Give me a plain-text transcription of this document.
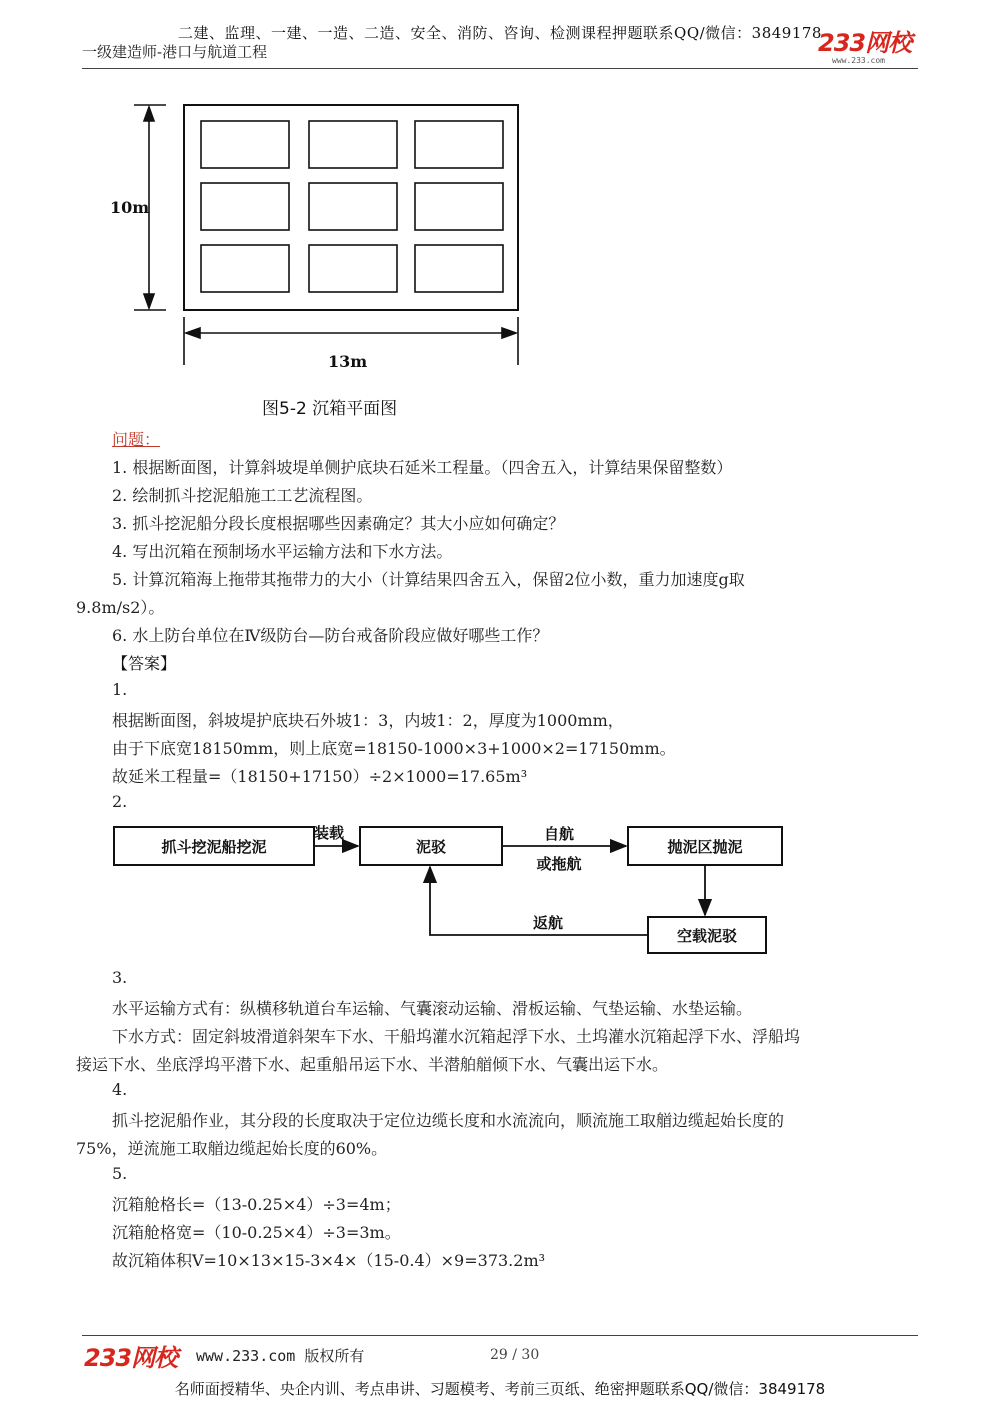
二建、监理、一建、一造、二造、安全、消防、咨询、检测课程押题联系QQ/微信：3849178
一级建造师-港口与航道工程	233网校
www.233.com
10m
13m
图5-2 沉箱平面图
问题：
1. 根据断面图，计算斜坡堤单侧护底块石延米工程量。（四舍五入，计算结果保留整数）
2. 绘制抓斗挖泥船施工工艺流程图。
3. 抓斗挖泥船分段长度根据哪些因素确定？其大小应如何确定？
4. 写出沉箱在预制场水平运输方法和下水方法。
5. 计算沉箱海上拖带其拖带力的大小（计算结果四舍五入，保留2位小数，重力加速度g取
9.8m/s2）。
6. 水上防台单位在Ⅳ级防台—防台戒备阶段应做好哪些工作？
【答案】
1.
根据断面图，斜坡堤护底块石外坡1：3，内坡1：2，厚度为1000mm，
由于下底宽18150mm，则上底宽=18150-1000×3+1000×2=17150mm。
故延米工程量=（18150+17150）÷2×1000=17.65m³
2.
抓斗挖泥船挖泥	泥驳	抛泥区抛泥
空载泥驳
装载	自航
或拖航
返航
3.
水平运输方式有：纵横移轨道台车运输、气囊滚动运输、滑板运输、气垫运输、水垫运输。
下水方式：固定斜坡滑道斜架车下水、干船坞灌水沉箱起浮下水、土坞灌水沉箱起浮下水、浮船坞
接运下水、坐底浮坞平潜下水、起重船吊运下水、半潜舶艏倾下水、气囊出运下水。
4.
抓斗挖泥船作业，其分段的长度取决于定位边缆长度和水流流向，顺流施工取艏边缆起始长度的
75%，逆流施工取艏边缆起始长度的60%。
5.
沉箱舱格长=（13-0.25×4）÷3=4m；
沉箱舱格宽=（10-0.25×4）÷3=3m。
故沉箱体积V=10×13×15-3×4×（15-0.4）×9=373.2m³
233网校 www.233.com 版权所有	29 / 30
名师面授精华、央企内训、考点串讲、习题模考、考前三页纸、绝密押题联系QQ/微信：3849178
